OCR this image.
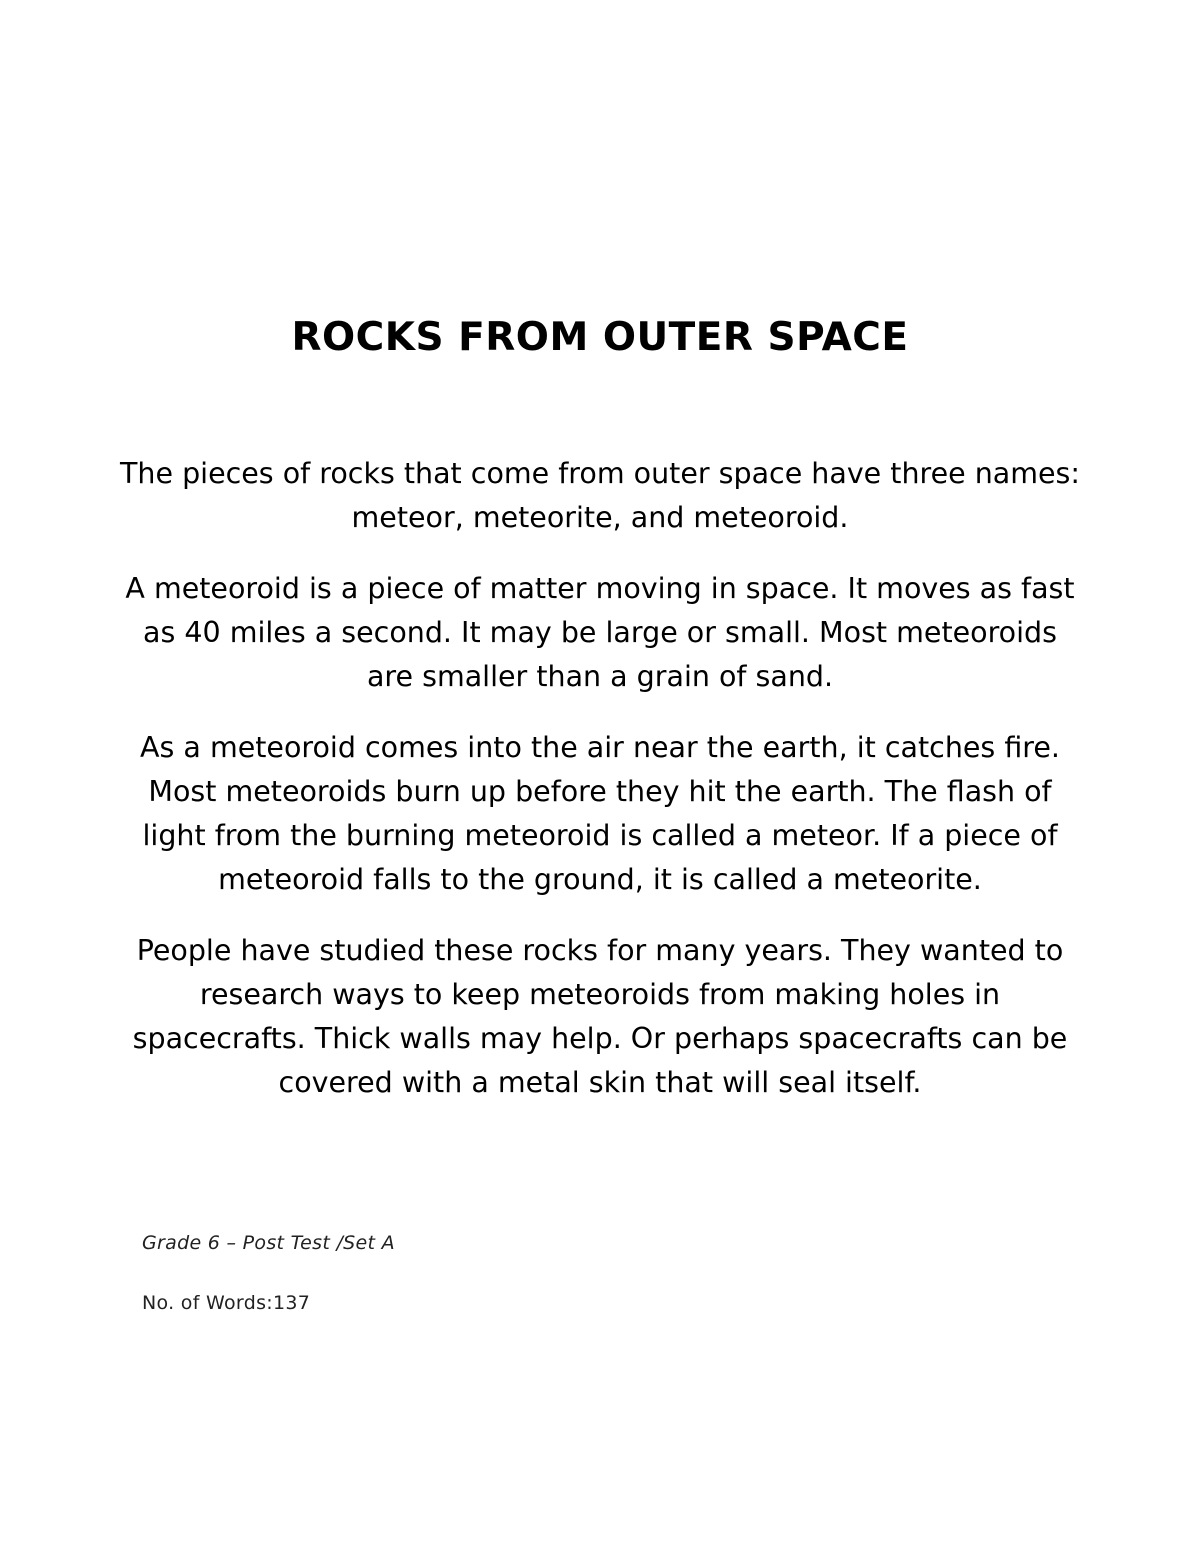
ROCKS FROM OUTER SPACE

The pieces of rocks that come from outer space have three names: meteor, meteorite, and meteoroid.

A meteoroid is a piece of matter moving in space. It moves as fast as 40 miles a second. It may be large or small. Most meteoroids are smaller than a grain of sand.

As a meteoroid comes into the air near the earth, it catches fire. Most meteoroids burn up before they hit the earth. The flash of light from the burning meteoroid is called a meteor. If a piece of meteoroid falls to the ground, it is called a meteorite.

People have studied these rocks for many years. They wanted to research ways to keep meteoroids from making holes in spacecrafts. Thick walls may help. Or perhaps spacecrafts can be covered with a metal skin that will seal itself.

Grade 6 – Post Test /Set A
No. of Words:137
